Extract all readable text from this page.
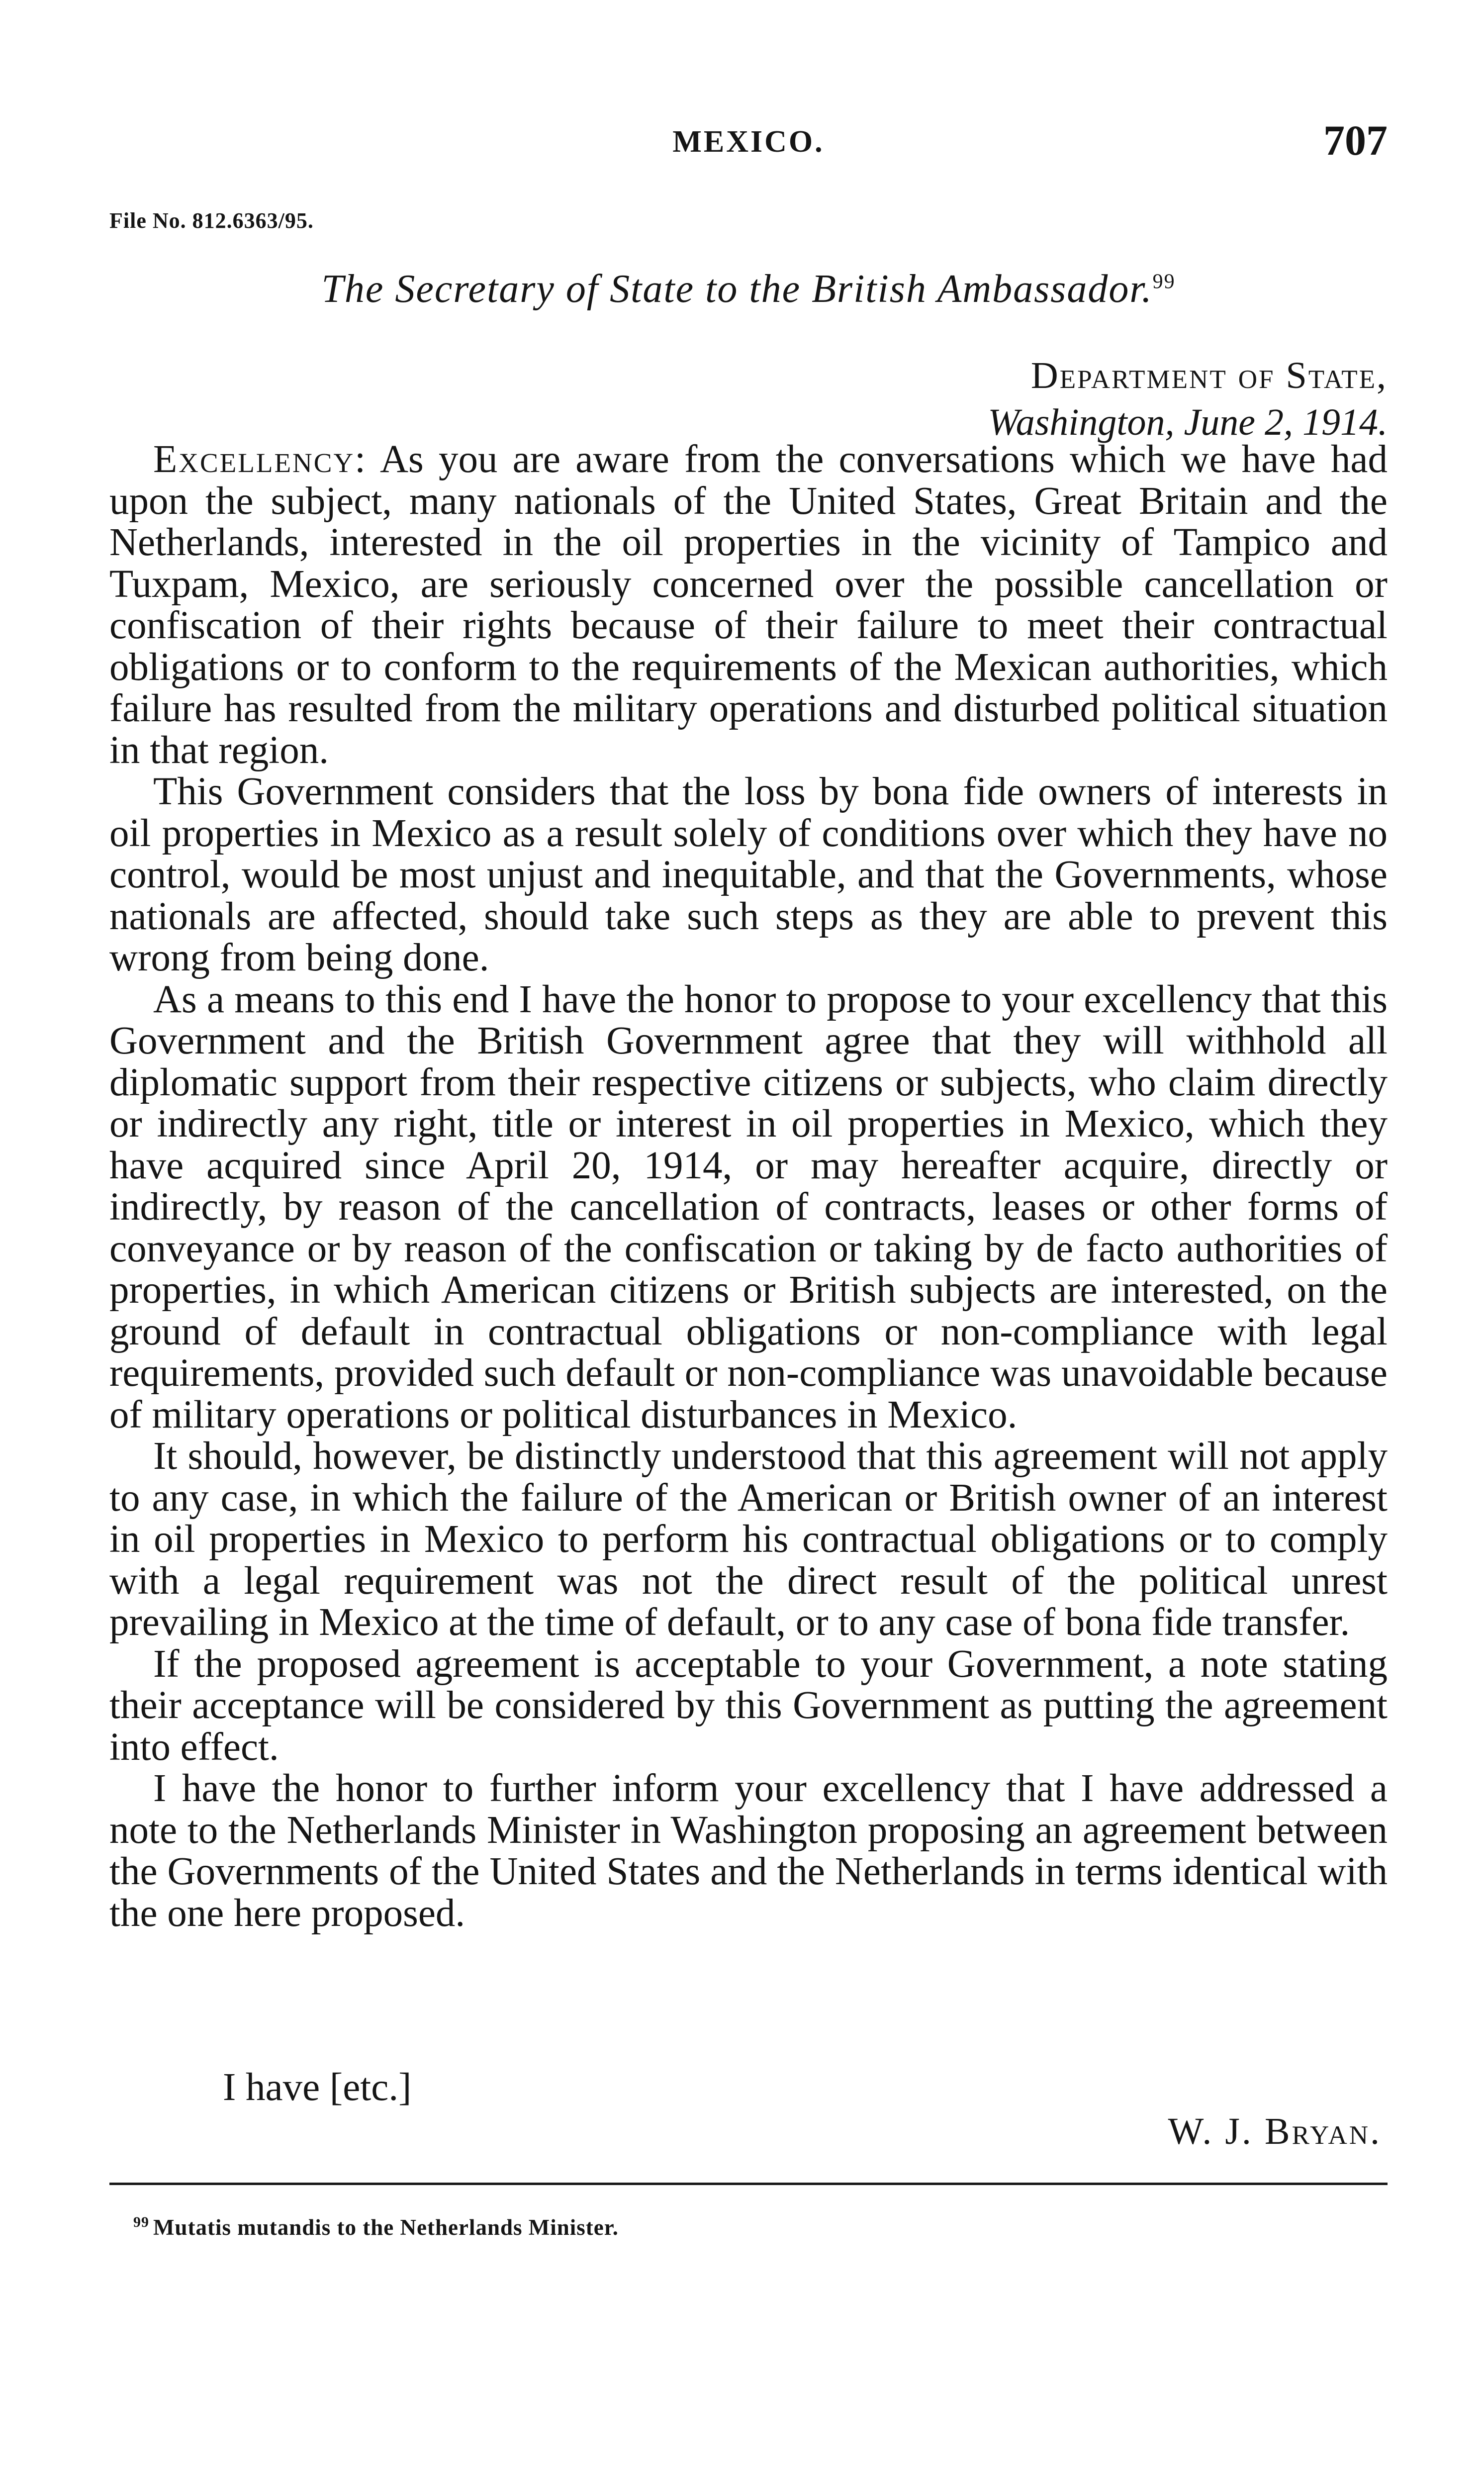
MEXICO.	707
File No. 812.6363/95.
The Secretary of State to the British Ambassador.$^{99}$
Department of State,
Washington, June 2, 1914.

Excellency: As you are aware from the conversations which we have had upon the subject, many nationals of the United States, Great Britain and the Netherlands, interested in the oil properties in the vicinity of Tampico and Tuxpam, Mexico, are seriously concerned over the possible cancellation or confiscation of their rights because of their failure to meet their contractual obligations or to conform to the requirements of the Mexican authorities, which failure has resulted from the military operations and disturbed political situation in that region.

This Government considers that the loss by bona fide owners of interests in oil properties in Mexico as a result solely of conditions over which they have no control, would be most unjust and inequitable, and that the Governments, whose nationals are affected, should take such steps as they are able to prevent this wrong from being done.

As a means to this end I have the honor to propose to your excellency that this Government and the British Government agree that they will withhold all diplomatic support from their respective citizens or subjects, who claim directly or indirectly any right, title or interest in oil properties in Mexico, which they have acquired since April 20, 1914, or may hereafter acquire, directly or indirectly, by reason of the cancellation of contracts, leases or other forms of conveyance or by reason of the confiscation or taking by de facto authorities of properties, in which American citizens or British subjects are interested, on the ground of default in contractual obligations or non-compliance with legal requirements, provided such default or non-compliance was unavoidable because of military operations or political disturbances in Mexico.

It should, however, be distinctly understood that this agreement will not apply to any case, in which the failure of the American or British owner of an interest in oil properties in Mexico to perform his contractual obligations or to comply with a legal requirement was not the direct result of the political unrest prevailing in Mexico at the time of default, or to any case of bona fide transfer.

If the proposed agreement is acceptable to your Government, a note stating their acceptance will be considered by this Government as putting the agreement into effect.

I have the honor to further inform your excellency that I have addressed a note to the Netherlands Minister in Washington proposing an agreement between the Governments of the United States and the Netherlands in terms identical with the one here proposed.

I have [etc.]
W. J. Bryan.
$^{99}$ Mutatis mutandis to the Netherlands Minister.
